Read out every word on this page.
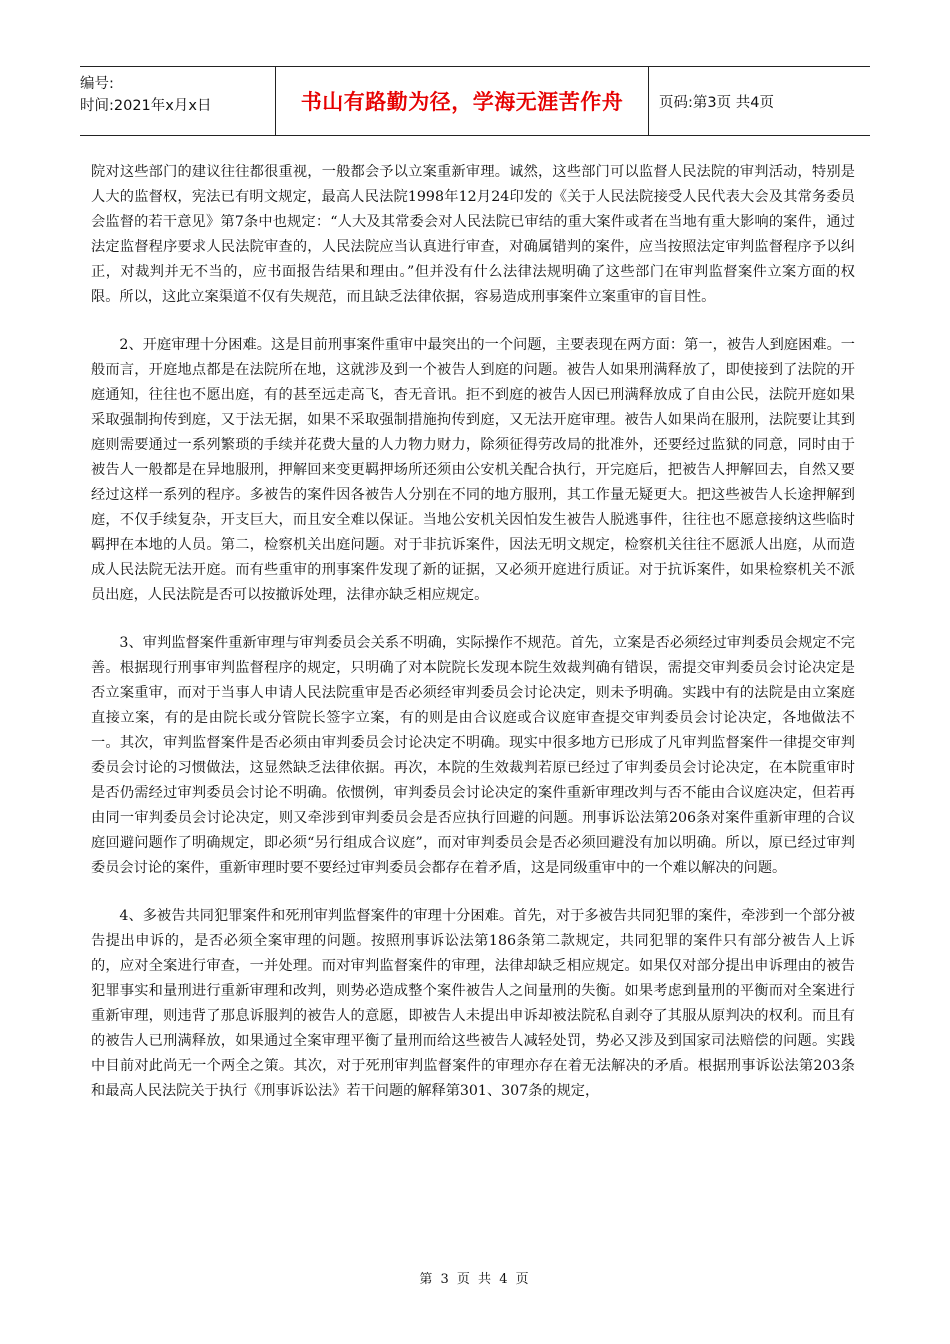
编号:
时间:2021年x月x日	书山有路勤为径，学海无涯苦作舟	页码:第3页 共4页

院对这些部门的建议往往都很重视，一般都会予以立案重新审理。诚然，这些部门可以监督人民法院的审判活动，特别是人大的监督权，宪法已有明文规定，最高人民法院1998年12月24印发的《关于人民法院接受人民代表大会及其常务委员会监督的若干意见》第7条中也规定：“人大及其常委会对人民法院已审结的重大案件或者在当地有重大影响的案件，通过法定监督程序要求人民法院审查的，人民法院应当认真进行审查，对确属错判的案件，应当按照法定审判监督程序予以纠正，对裁判并无不当的，应书面报告结果和理由。”但并没有什么法律法规明确了这些部门在审判监督案件立案方面的权限。所以，这此立案渠道不仅有失规范，而且缺乏法律依据，容易造成刑事案件立案重审的盲目性。

2、开庭审理十分困难。这是目前刑事案件重审中最突出的一个问题，主要表现在两方面：第一，被告人到庭困难。一般而言，开庭地点都是在法院所在地，这就涉及到一个被告人到庭的问题。被告人如果刑满释放了，即使接到了法院的开庭通知，往往也不愿出庭，有的甚至远走高飞，杳无音讯。拒不到庭的被告人因已刑满释放成了自由公民，法院开庭如果采取强制拘传到庭，又于法无据，如果不采取强制措施拘传到庭，又无法开庭审理。被告人如果尚在服刑，法院要让其到庭则需要通过一系列繁琐的手续并花费大量的人力物力财力，除须征得劳改局的批准外，还要经过监狱的同意，同时由于被告人一般都是在异地服刑，押解回来变更羁押场所还须由公安机关配合执行，开完庭后，把被告人押解回去，自然又要经过这样一系列的程序。多被告的案件因各被告人分别在不同的地方服刑，其工作量无疑更大。把这些被告人长途押解到庭，不仅手续复杂，开支巨大，而且安全难以保证。当地公安机关因怕发生被告人脱逃事件，往往也不愿意接纳这些临时羁押在本地的人员。第二，检察机关出庭问题。对于非抗诉案件，因法无明文规定，检察机关往往不愿派人出庭，从而造成人民法院无法开庭。而有些重审的刑事案件发现了新的证据，又必须开庭进行质证。对于抗诉案件，如果检察机关不派员出庭，人民法院是否可以按撤诉处理，法律亦缺乏相应规定。

3、审判监督案件重新审理与审判委员会关系不明确，实际操作不规范。首先，立案是否必须经过审判委员会规定不完善。根据现行刑事审判监督程序的规定，只明确了对本院院长发现本院生效裁判确有错误，需提交审判委员会讨论决定是否立案重审，而对于当事人申请人民法院重审是否必须经审判委员会讨论决定，则未予明确。实践中有的法院是由立案庭直接立案，有的是由院长或分管院长签字立案，有的则是由合议庭或合议庭审查提交审判委员会讨论决定，各地做法不一。其次，审判监督案件是否必须由审判委员会讨论决定不明确。现实中很多地方已形成了凡审判监督案件一律提交审判委员会讨论的习惯做法，这显然缺乏法律依据。再次，本院的生效裁判若原已经过了审判委员会讨论决定，在本院重审时是否仍需经过审判委员会讨论不明确。依惯例，审判委员会讨论决定的案件重新审理改判与否不能由合议庭决定，但若再由同一审判委员会讨论决定，则又牵涉到审判委员会是否应执行回避的问题。刑事诉讼法第206条对案件重新审理的合议庭回避问题作了明确规定，即必须“另行组成合议庭”，而对审判委员会是否必须回避没有加以明确。所以，原已经过审判委员会讨论的案件，重新审理时要不要经过审判委员会都存在着矛盾，这是同级重审中的一个难以解决的问题。

4、多被告共同犯罪案件和死刑审判监督案件的审理十分困难。首先，对于多被告共同犯罪的案件，牵涉到一个部分被告提出申诉的，是否必须全案审理的问题。按照刑事诉讼法第186条第二款规定，共同犯罪的案件只有部分被告人上诉的，应对全案进行审查，一并处理。而对审判监督案件的审理，法律却缺乏相应规定。如果仅对部分提出申诉理由的被告犯罪事实和量刑进行重新审理和改判，则势必造成整个案件被告人之间量刑的失衡。如果考虑到量刑的平衡而对全案进行重新审理，则违背了那息诉服判的被告人的意愿，即被告人未提出申诉却被法院私自剥夺了其服从原判决的权利。而且有的被告人已刑满释放，如果通过全案审理平衡了量刑而给这些被告人减轻处罚，势必又涉及到国家司法赔偿的问题。实践中目前对此尚无一个两全之策。其次，对于死刑审判监督案件的审理亦存在着无法解决的矛盾。根据刑事诉讼法第203条和最高人民法院关于执行《刑事诉讼法》若干问题的解释第301、307条的规定，

第 3 页 共 4 页
